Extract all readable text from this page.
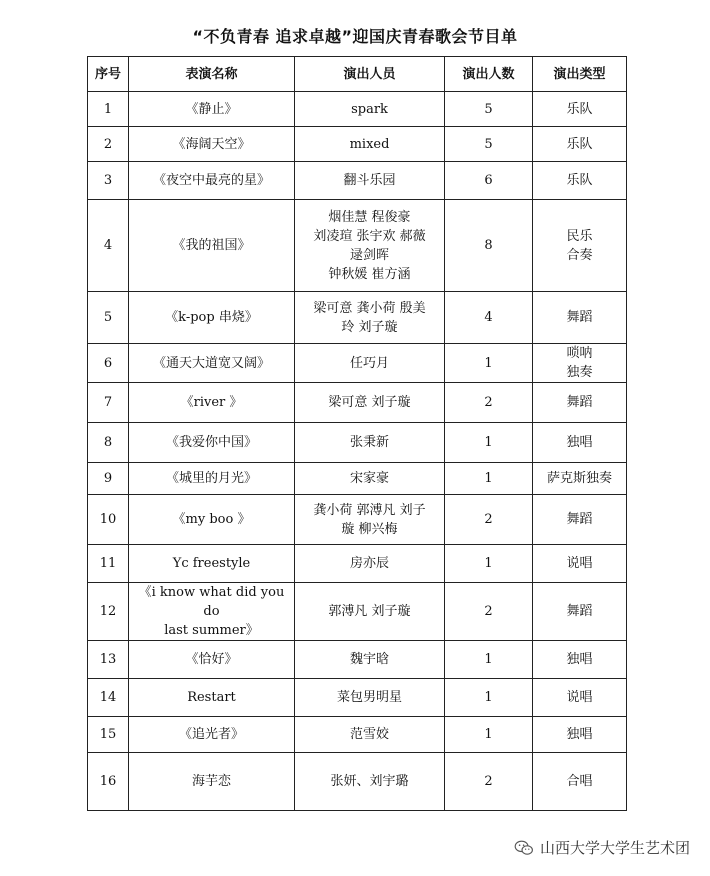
“不负青春 追求卓越”迎国庆青春歌会节目单
序号	表演名称	演出人员	演出人数	演出类型
1	《静止》	spark	5	乐队
2	《海阔天空》	mixed	5	乐队
3	《夜空中最亮的星》	翻斗乐园	6	乐队
4	《我的祖国》	烟佳慧 程俊豪
刘凌瑄 张宇欢 郝薇
逯剑晖
钟秋媛 崔方涵	8	民乐
合奏
5	《k-pop 串烧》	梁可意 龚小荷 殷美
玲 刘子璇	4	舞蹈
6	《通天大道宽又阔》	任巧月	1	唢呐
独奏
7	《river 》	梁可意 刘子璇	2	舞蹈
8	《我爱你中国》	张秉新	1	独唱
9	《城里的月光》	宋家豪	1	萨克斯独奏
10	《my boo 》	龚小荷 郭溥凡 刘子
璇 柳兴梅	2	舞蹈
11	Yc freestyle	房亦辰	1	说唱
12	《i know what did you do
last summer》	郭溥凡 刘子璇	2	舞蹈
13	《恰好》	魏宇晗	1	独唱
14	Restart	菜包男明星	1	说唱
15	《追光者》	范雪姣	1	独唱
16	海芋恋	张妍、刘宇璐	2	合唱
山西大学大学生艺术团
